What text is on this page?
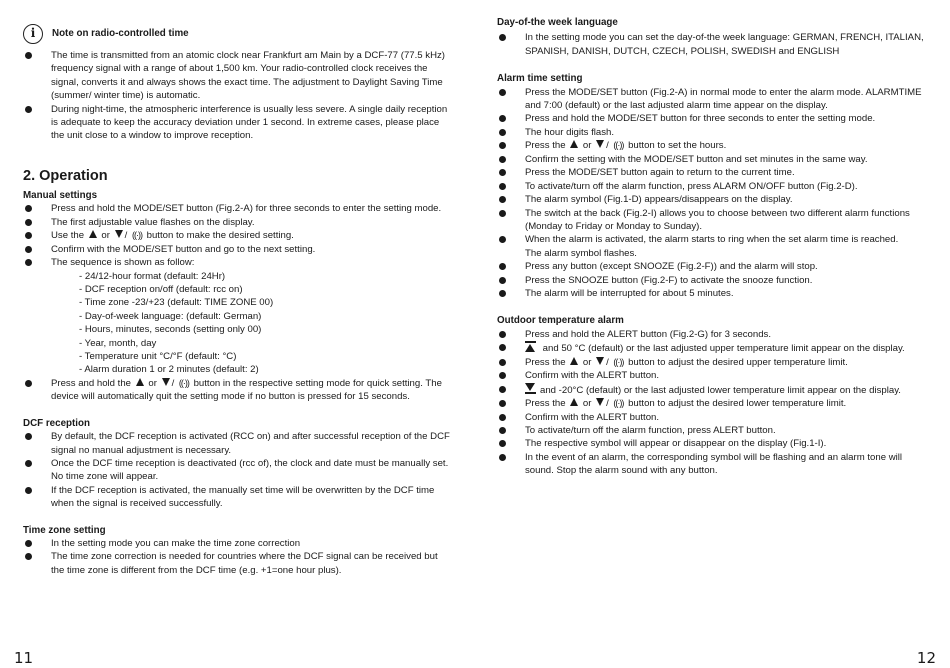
i	Note on radio-controlled time
The time is transmitted from an atomic clock near Frankfurt am Main by a DCF-77 (77.5 kHz) frequency signal with a range of about 1,500 km. Your radio-controlled clock receives the signal, converts it and always shows the exact time. The adjustment to Daylight Saving Time (summer/ winter time) is automatic.
During night-time, the atmospheric interference is usually less severe. A single daily reception is adequate to keep the accuracy deviation under 1 second. In extreme cases, please place the unit close to a window to improve reception.
2. Operation
Manual settings
Press and hold the MODE/SET button (Fig.2-A) for three seconds to enter the setting mode.
The first adjustable value flashes on the display.
Use the or / ((·)) button to make the desired setting.
Confirm with the MODE/SET button and go to the next setting.
The sequence is shown as follow:
- 24/12-hour format (default: 24Hr)
- DCF reception on/off (default: rcc on)
- Time zone -23/+23 (default: TIME ZONE 00)
- Day-of-week language: (default: German)
- Hours, minutes, seconds (setting only 00)
- Year, month, day
- Temperature unit °C/°F (default: °C)
- Alarm duration 1 or 2 minutes (default: 2)
Press and hold the or / ((·)) button in the respective setting mode for quick setting. The
device will automatically quit the setting mode if no button is pressed for 15 seconds.
DCF reception
By default, the DCF reception is activated (RCC on) and after successful reception of the DCF signal no manual adjustment is necessary.
Once the DCF time reception is deactivated (rcc of), the clock and date must be manually set. No time zone will appear.
If the DCF reception is activated, the manually set time will be overwritten by the DCF time when the signal is received successfully.
Time zone setting
In the setting mode you can make the time zone correction
The time zone correction is needed for countries where the DCF signal can be received but the time zone is different from the DCF time (e.g. +1=one hour plus).
11
Day-of-the week language
In the setting mode you can set the day-of-the week language: GERMAN, FRENCH, ITALIAN, SPANISH, DANISH, DUTCH, CZECH, POLISH, SWEDISH and ENGLISH
Alarm time setting
Press the MODE/SET button (Fig.2-A) in normal mode to enter the alarm mode. ALARMTIME and 7:00 (default) or the last adjusted alarm time appear on the display.
Press and hold the MODE/SET button for three seconds to enter the setting mode.
The hour digits flash.
Press the or / ((·)) button to set the hours.
Confirm the setting with the MODE/SET button and set minutes in the same way.
Press the MODE/SET button again to return to the current time.
To activate/turn off the alarm function, press ALARM ON/OFF button (Fig.2-D).
The alarm symbol (Fig.1-D) appears/disappears on the display.
The switch at the back (Fig.2-I) allows you to choose between two different alarm functions (Monday to Friday or Monday to Sunday).
When the alarm is activated, the alarm starts to ring when the set alarm time is reached.
The alarm symbol flashes.
Press any button (except SNOOZE (Fig.2-F)) and the alarm will stop.
Press the SNOOZE button (Fig.2-F) to activate the snooze function.
The alarm will be interrupted for about 5 minutes.
Outdoor temperature alarm
Press and hold the ALERT button (Fig.2-G) for 3 seconds.
and 50 °C (default) or the last adjusted upper temperature limit appear on the display.
Press the or / ((·)) button to adjust the desired upper temperature limit.
Confirm with the ALERT button.
and -20°C (default) or the last adjusted lower temperature limit appear on the display.
Press the or / ((·)) button to adjust the desired lower temperature limit.
Confirm with the ALERT button.
To activate/turn off the alarm function, press ALERT button.
The respective symbol will appear or disappear on the display (Fig.1-I).
In the event of an alarm, the corresponding symbol will be flashing and an alarm tone will sound. Stop the alarm sound with any button.
12
